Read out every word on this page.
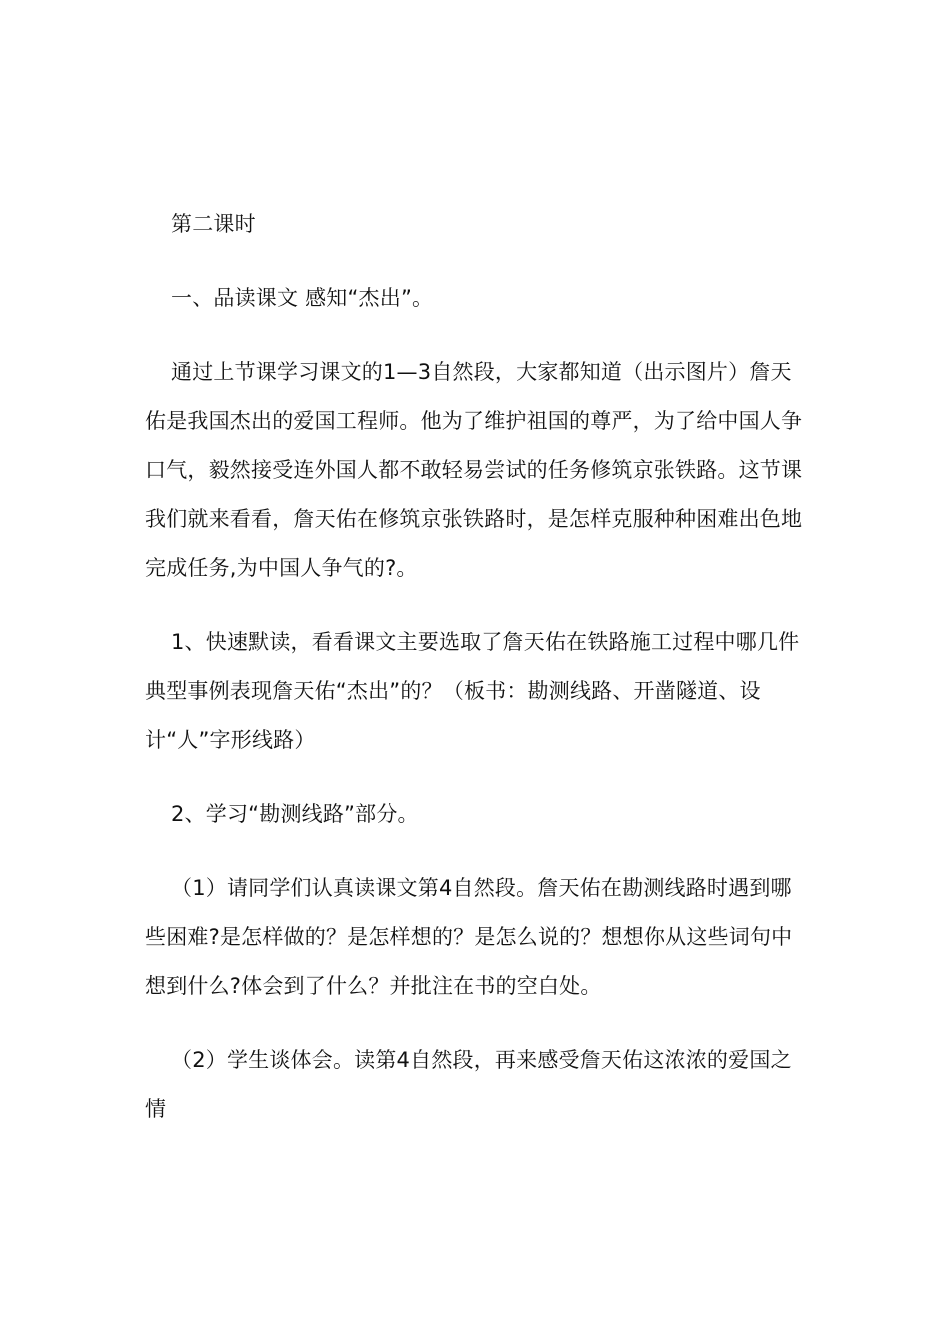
第二课时

一、品读课文 感知“杰出”。

通过上节课学习课文的1—3自然段，大家都知道（出示图片）詹天佑是我国杰出的爱国工程师。他为了维护祖国的尊严，为了给中国人争口气，毅然接受连外国人都不敢轻易尝试的任务修筑京张铁路。这节课我们就来看看，詹天佑在修筑京张铁路时，是怎样克服种种困难出色地完成任务,为中国人争气的?。

1、快速默读，看看课文主要选取了詹天佑在铁路施工过程中哪几件典型事例表现詹天佑“杰出”的？（板书：勘测线路、开凿隧道、设计“人”字形线路）

2、学习“勘测线路”部分。

（1）请同学们认真读课文第4自然段。詹天佑在勘测线路时遇到哪些困难?是怎样做的？是怎样想的？是怎么说的？想想你从这些词句中想到什么?体会到了什么？并批注在书的空白处。

（2）学生谈体会。读第4自然段，再来感受詹天佑这浓浓的爱国之情
